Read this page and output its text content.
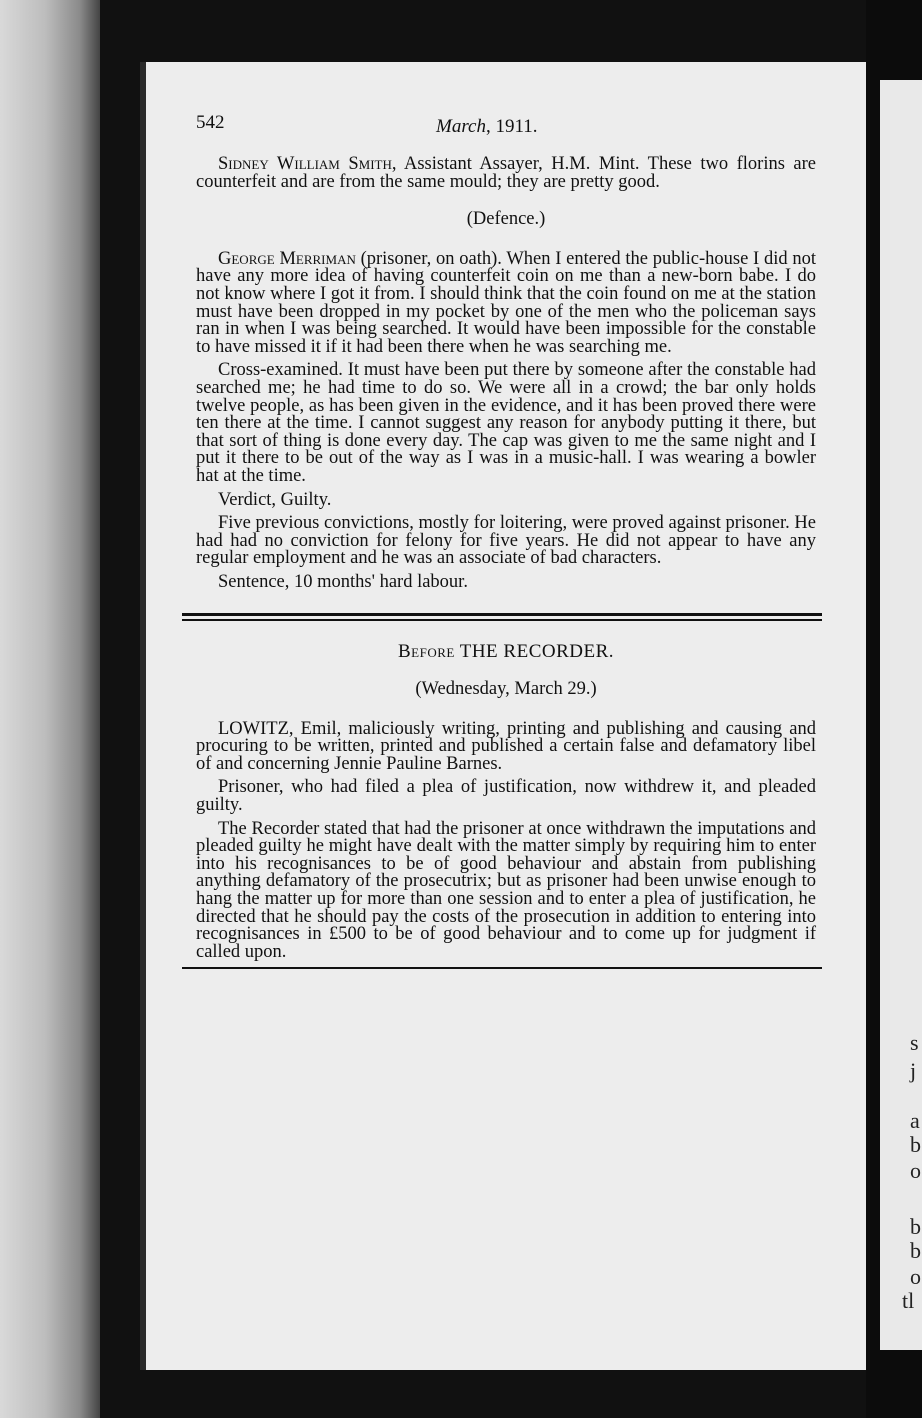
s
j
a
b
o
b
b
o
tl
542	March, 1911.

Sidney William Smith, Assistant Assayer, H.M. Mint. These two florins are counterfeit and are from the same mould; they are pretty good.

(Defence.)

George Merriman (prisoner, on oath). When I entered the public-house I did not have any more idea of having counterfeit coin on me than a new-born babe. I do not know where I got it from. I should think that the coin found on me at the station must have been dropped in my pocket by one of the men who the policeman says ran in when I was being searched. It would have been impossible for the constable to have missed it if it had been there when he was searching me.

Cross-examined. It must have been put there by someone after the constable had searched me; he had time to do so. We were all in a crowd; the bar only holds twelve people, as has been given in the evidence, and it has been proved there were ten there at the time. I cannot suggest any reason for anybody putting it there, but that sort of thing is done every day. The cap was given to me the same night and I put it there to be out of the way as I was in a music-hall. I was wearing a bowler hat at the time.

Verdict, Guilty.

Five previous convictions, mostly for loitering, were proved against prisoner. He had had no conviction for felony for five years. He did not appear to have any regular employment and he was an associate of bad characters.

Sentence, 10 months' hard labour.

Before THE RECORDER.
(Wednesday, March 29.)

LOWITZ, Emil, maliciously writing, printing and publishing and causing and procuring to be written, printed and published a certain false and defamatory libel of and concerning Jennie Pauline Barnes.

Prisoner, who had filed a plea of justification, now withdrew it, and pleaded guilty.

The Recorder stated that had the prisoner at once withdrawn the imputations and pleaded guilty he might have dealt with the matter simply by requiring him to enter into his recognisances to be of good behaviour and abstain from publishing anything defamatory of the prosecutrix; but as prisoner had been unwise enough to hang the matter up for more than one session and to enter a plea of justification, he directed that he should pay the costs of the prosecution in addition to entering into recognisances in £500 to be of good behaviour and to come up for judgment if called upon.
